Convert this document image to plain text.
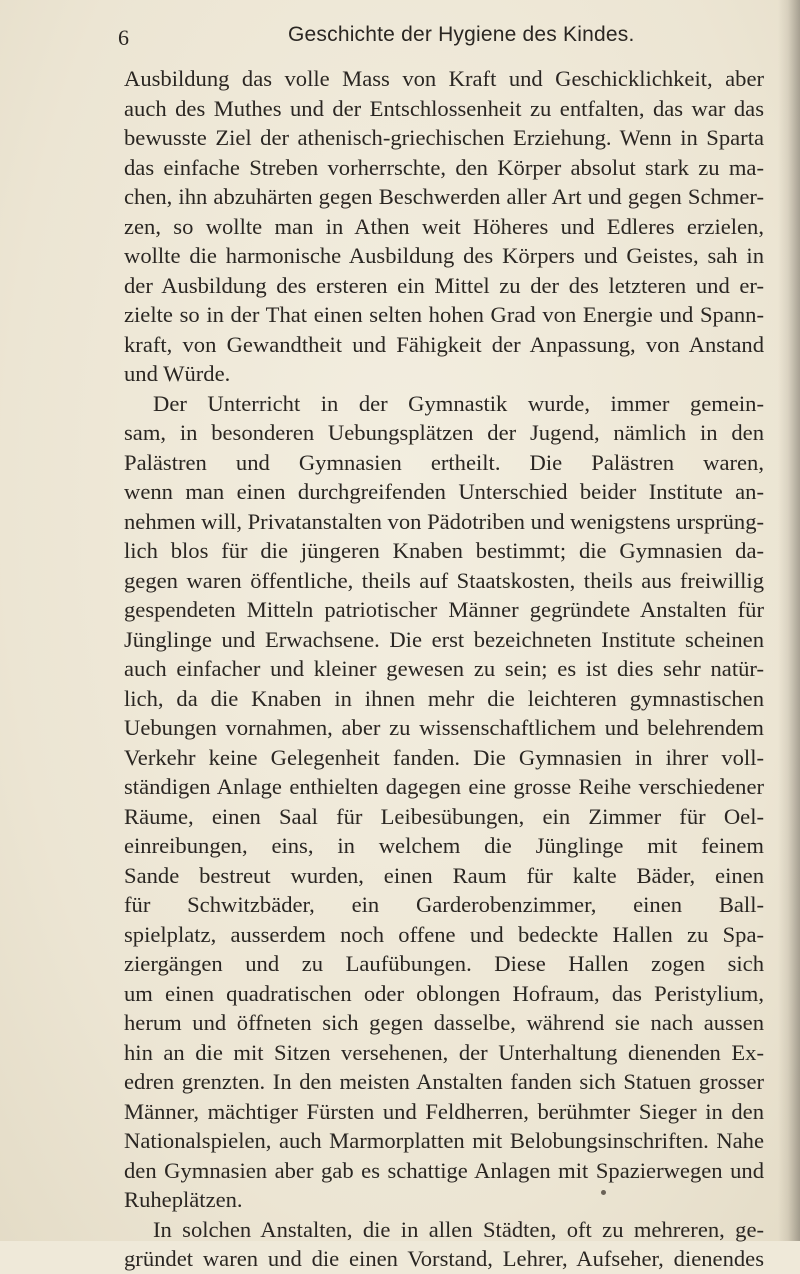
6	Geschichte der Hygiene des Kindes.
Ausbildung das volle Mass von Kraft und Geschicklichkeit, aber
auch des Muthes und der Entschlossenheit zu entfalten, das war das
bewusste Ziel der athenisch-griechischen Erziehung. Wenn in Sparta
das einfache Streben vorherrschte, den Körper absolut stark zu ma-
chen, ihn abzuhärten gegen Beschwerden aller Art und gegen Schmer-
zen, so wollte man in Athen weit Höheres und Edleres erzielen,
wollte die harmonische Ausbildung des Körpers und Geistes, sah in
der Ausbildung des ersteren ein Mittel zu der des letzteren und er-
zielte so in der That einen selten hohen Grad von Energie und Spann-
kraft, von Gewandtheit und Fähigkeit der Anpassung, von Anstand
und Würde.
Der Unterricht in der Gymnastik wurde, immer gemein-
sam, in besonderen Uebungsplätzen der Jugend, nämlich in den
Palästren und Gymnasien ertheilt. Die Palästren waren,
wenn man einen durchgreifenden Unterschied beider Institute an-
nehmen will, Privatanstalten von Pädotriben und wenigstens ursprüng-
lich blos für die jüngeren Knaben bestimmt; die Gymnasien da-
gegen waren öffentliche, theils auf Staatskosten, theils aus freiwillig
gespendeten Mitteln patriotischer Männer gegründete Anstalten für
Jünglinge und Erwachsene. Die erst bezeichneten Institute scheinen
auch einfacher und kleiner gewesen zu sein; es ist dies sehr natür-
lich, da die Knaben in ihnen mehr die leichteren gymnastischen
Uebungen vornahmen, aber zu wissenschaftlichem und belehrendem
Verkehr keine Gelegenheit fanden. Die Gymnasien in ihrer voll-
ständigen Anlage enthielten dagegen eine grosse Reihe verschiedener
Räume, einen Saal für Leibesübungen, ein Zimmer für Oel-
einreibungen, eins, in welchem die Jünglinge mit feinem
Sande bestreut wurden, einen Raum für kalte Bäder, einen
für Schwitzbäder, ein Garderobenzimmer, einen Ball-
spielplatz, ausserdem noch offene und bedeckte Hallen zu Spa-
ziergängen und zu Laufübungen. Diese Hallen zogen sich
um einen quadratischen oder oblongen Hofraum, das Peristylium,
herum und öffneten sich gegen dasselbe, während sie nach aussen
hin an die mit Sitzen versehenen, der Unterhaltung dienenden Ex-
edren grenzten. In den meisten Anstalten fanden sich Statuen grosser
Männer, mächtiger Fürsten und Feldherren, berühmter Sieger in den
Nationalspielen, auch Marmorplatten mit Belobungsinschriften. Nahe
den Gymnasien aber gab es schattige Anlagen mit Spazierwegen und
Ruheplätzen.
In solchen Anstalten, die in allen Städten, oft zu mehreren, ge-
gründet waren und die einen Vorstand, Lehrer, Aufseher, dienendes
